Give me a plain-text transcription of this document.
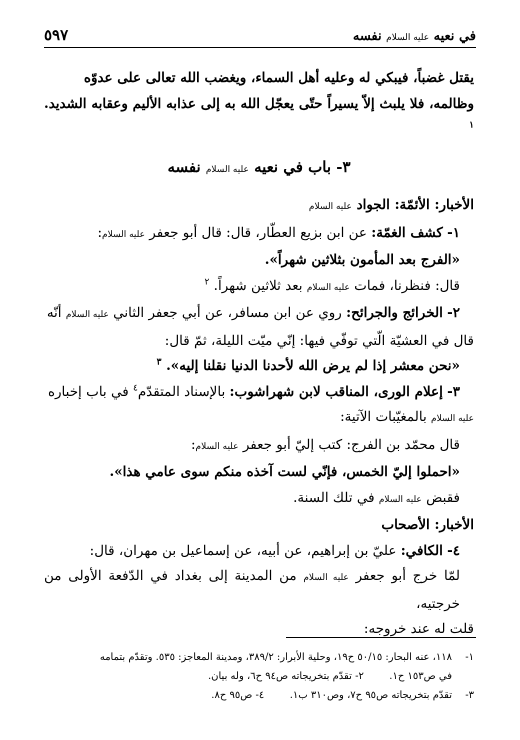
في نعيه عليه السلام نفسه
٥٩٧

يقتل غضباً، فيبكي له وعليه أهل السماء، ويغضب الله تعالى على عدوّه

وظالمه، فلا يلبث إلاّ يسيراً حتّى يعجّل الله به إلى عذابه الأليم وعقابه الشديد. $^١$

٣- باب في نعيه عليه السلام نفسه

الأخبار: الأئمّة: الجواد عليه السلام

١- كشف الغمّة: عن ابن بزيع العطّار، قال: قال أبو جعفر عليه السلام:

«الفرج بعد المأمون بثلاثين شهراً».

قال: فنظرنا، فمات عليه السلام بعد ثلاثين شهراً. $^٢$

٢- الخرائج والجرائح: روي عن ابن مسافر، عن أبي جعفر الثاني عليه السلام أنّه

قال في العشيّة الّتي توفّي فيها: إنّي ميّت الليلة، ثمّ قال:

«نحن معشر إذا لم يرض الله لأحدنا الدنيا نقلنا إليه». $^٣$

٣- إعلام الورى، المناقب لابن شهراشوب: بالإسناد المتقدّم$^٤$ في باب إخباره

عليه السلام بالمغيّبات الآتية:

قال محمّد بن الفرج: كتب إليّ أبو جعفر عليه السلام:

«احملوا إليّ الخمس، فإنّي لست آخذه منكم سوى عامي هذا».

فقبض عليه السلام في تلك السنة.

الأخبار: الأصحاب

٤- الكافي: عليّ بن إبراهيم، عن أبيه، عن إسماعيل بن مهران، قال:

لمّا خرج أبو جعفر عليه السلام من المدينة إلى بغداد في الدّفعة الأولى من خرجتيه،

قلت له عند خروجه:

١-١١٨، عنه البحار: ٥٠/١٥ ح١٩، وحلية الأبرار: ٣٨٩/٢، ومدينة المعاجز: ٥٣٥. وتقدّم بتمامه

في ص١٥٣ ح١.        ٢- تقدّم بتخريجاته ص٩٤ ح٦، وله بيان.

٣-تقدّم بتخريجاته ص٩٥ ح٧، وص٣١٠ ب١.        ٤- ص٩٥ ح٨.
